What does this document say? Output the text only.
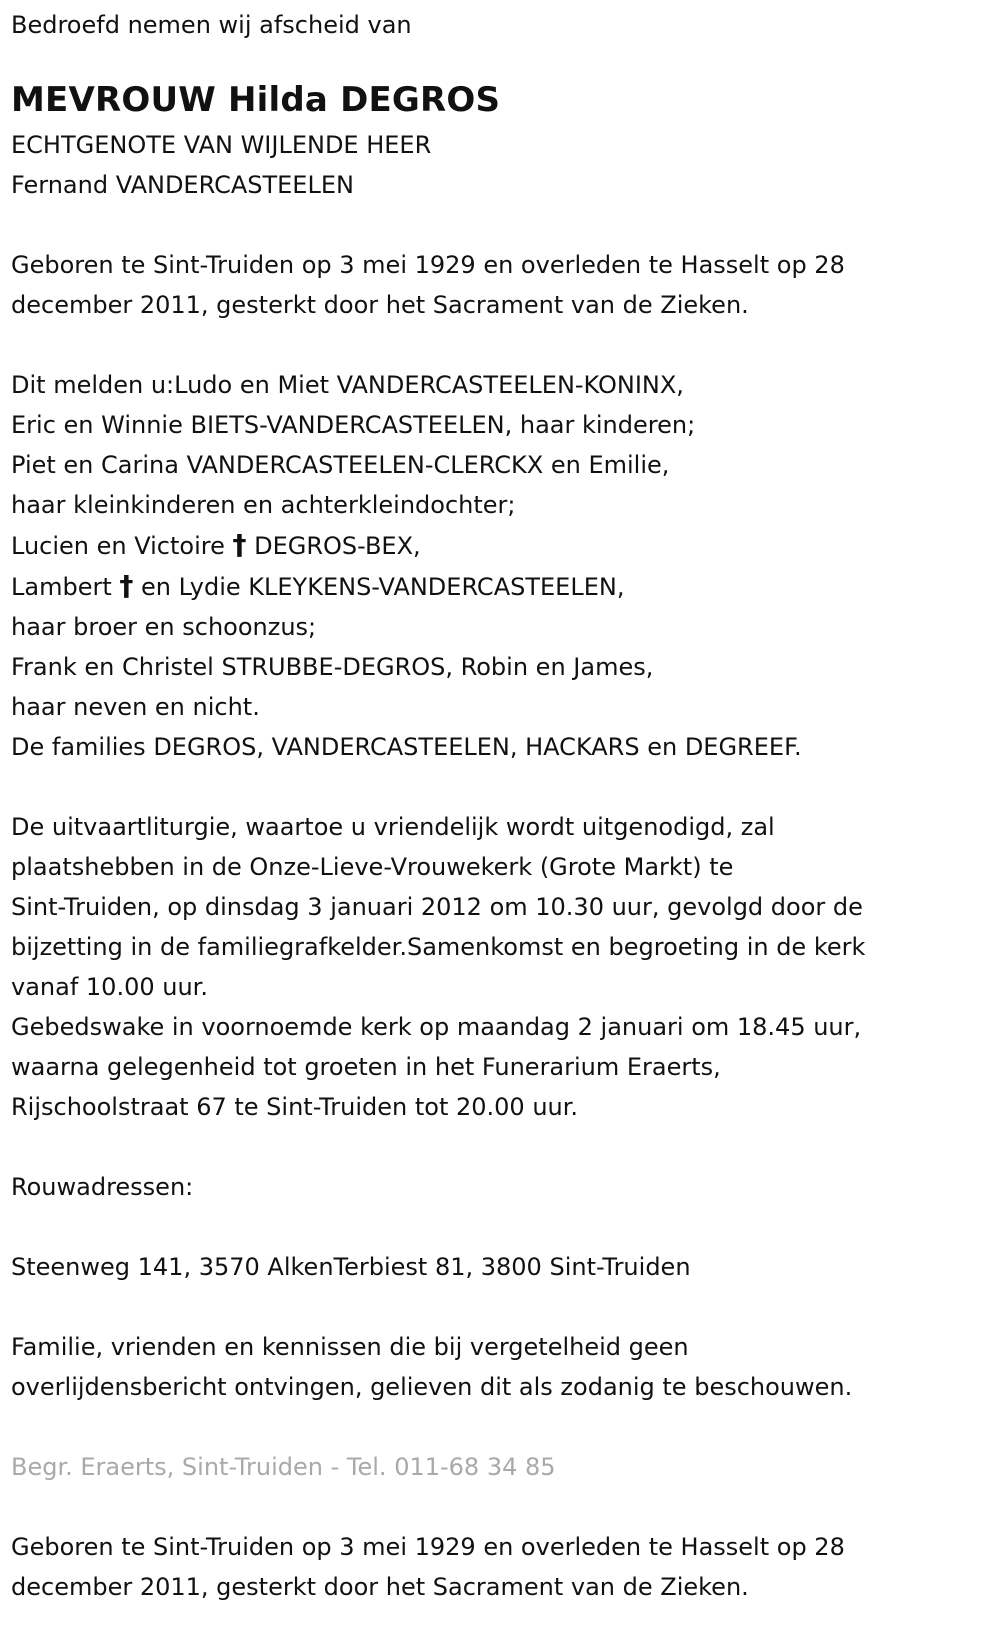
Bedroefd nemen wij afscheid van

MEVROUW Hilda DEGROS
ECHTGENOTE VAN WIJLENDE HEER
Fernand VANDERCASTEELEN
Geboren te Sint-Truiden op 3 mei 1929 en overleden te Hasselt op 28
december 2011, gesterkt door het Sacrament van de Zieken.
Dit melden u:Ludo en Miet VANDERCASTEELEN-KONINX,
Eric en Winnie BIETS-VANDERCASTEELEN, haar kinderen;
Piet en Carina VANDERCASTEELEN-CLERCKX en Emilie,
haar kleinkinderen en achterkleindochter;
Lucien en Victoire † DEGROS-BEX,
Lambert † en Lydie KLEYKENS-VANDERCASTEELEN,
haar broer en schoonzus;
Frank en Christel STRUBBE-DEGROS, Robin en James,
haar neven en nicht.
De families DEGROS, VANDERCASTEELEN, HACKARS en DEGREEF.
De uitvaartliturgie, waartoe u vriendelijk wordt uitgenodigd, zal
plaatshebben in de Onze-Lieve-Vrouwekerk (Grote Markt) te
Sint-Truiden, op dinsdag 3 januari 2012 om 10.30 uur, gevolgd door de
bijzetting in de familiegrafkelder.Samenkomst en begroeting in de kerk
vanaf 10.00 uur.
Gebedswake in voornoemde kerk op maandag 2 januari om 18.45 uur,
waarna gelegenheid tot groeten in het Funerarium Eraerts,
Rijschoolstraat 67 te Sint-Truiden tot 20.00 uur.
Rouwadressen:
Steenweg 141, 3570 AlkenTerbiest 81, 3800 Sint-Truiden
Familie, vrienden en kennissen die bij vergetelheid geen
overlijdensbericht ontvingen, gelieven dit als zodanig te beschouwen.
Begr. Eraerts, Sint-Truiden - Tel. 011-68 34 85
Geboren te Sint-Truiden op 3 mei 1929 en overleden te Hasselt op 28
december 2011, gesterkt door het Sacrament van de Zieken.
